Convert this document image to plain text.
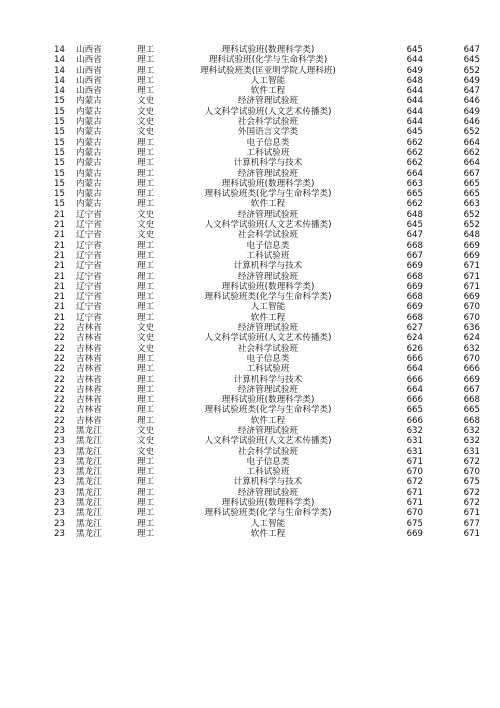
14	山西省	理工	理科试验班(数理科学类)	645	647
14	山西省	理工	理科试验班(化学与生命科学类)	644	645
14	山西省	理工	理科试验班类(匡亚明学院人理科班)	649	652
14	山西省	理工	人工智能	648	649
14	山西省	理工	软件工程	644	647
15	内蒙古	文史	经济管理试验班	644	646
15	内蒙古	文史	人文科学试验班(人文艺术传播类)	644	649
15	内蒙古	文史	社会科学试验班	644	646
15	内蒙古	文史	外国语言文学类	645	652
15	内蒙古	理工	电子信息类	662	664
15	内蒙古	理工	工科试验班	662	662
15	内蒙古	理工	计算机科学与技术	662	664
15	内蒙古	理工	经济管理试验班	664	667
15	内蒙古	理工	理科试验班(数理科学类)	663	665
15	内蒙古	理工	理科试验班类(化学与生命科学类)	665	665
15	内蒙古	理工	软件工程	662	663
21	辽宁省	文史	经济管理试验班	648	652
21	辽宁省	文史	人文科学试验班(人文艺术传播类)	645	652
21	辽宁省	文史	社会科学试验班	647	648
21	辽宁省	理工	电子信息类	668	669
21	辽宁省	理工	工科试验班	667	669
21	辽宁省	理工	计算机科学与技术	669	671
21	辽宁省	理工	经济管理试验班	668	671
21	辽宁省	理工	理科试验班(数理科学类)	669	671
21	辽宁省	理工	理科试验班类(化学与生命科学类)	668	669
21	辽宁省	理工	人工智能	669	670
21	辽宁省	理工	软件工程	668	670
22	吉林省	文史	经济管理试验班	627	636
22	吉林省	文史	人文科学试验班(人文艺术传播类)	624	624
22	吉林省	文史	社会科学试验班	626	632
22	吉林省	理工	电子信息类	666	670
22	吉林省	理工	工科试验班	664	666
22	吉林省	理工	计算机科学与技术	666	669
22	吉林省	理工	经济管理试验班	664	667
22	吉林省	理工	理科试验班(数理科学类)	666	668
22	吉林省	理工	理科试验班类(化学与生命科学类)	665	665
22	吉林省	理工	软件工程	666	668
23	黑龙江	文史	经济管理试验班	632	632
23	黑龙江	文史	人文科学试验班(人文艺术传播类)	631	632
23	黑龙江	文史	社会科学试验班	631	631
23	黑龙江	理工	电子信息类	671	672
23	黑龙江	理工	工科试验班	670	670
23	黑龙江	理工	计算机科学与技术	672	675
23	黑龙江	理工	经济管理试验班	671	672
23	黑龙江	理工	理科试验班(数理科学类)	671	672
23	黑龙江	理工	理科试验班类(化学与生命科学类)	670	671
23	黑龙江	理工	人工智能	675	677
23	黑龙江	理工	软件工程	669	671
